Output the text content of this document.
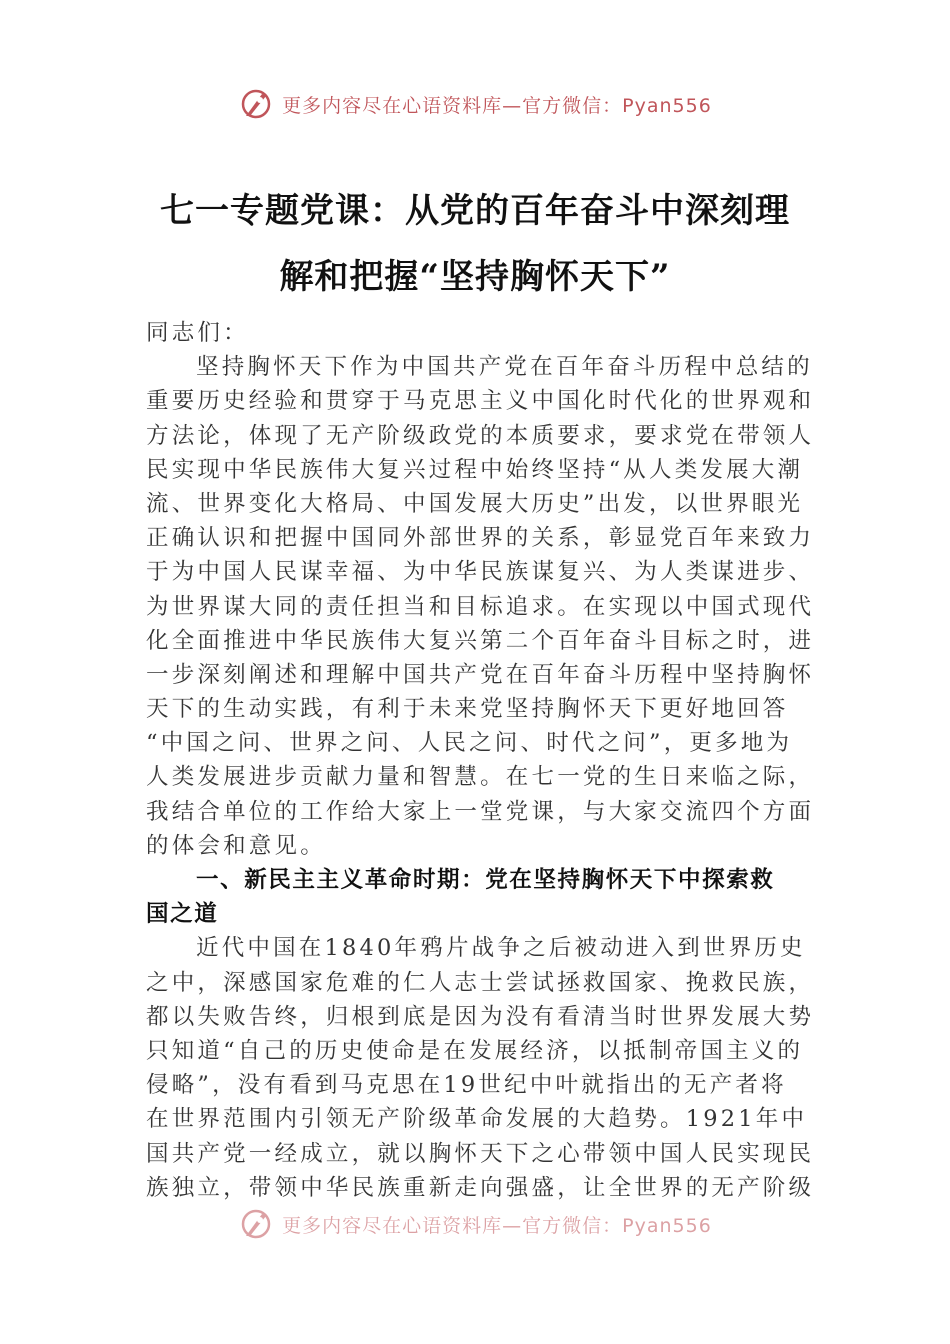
更多内容尽在心语资料库—官方微信：Pyan556
七一专题党课：从党的百年奋斗中深刻理
解和把握“坚持胸怀天下”
同志们：
坚持胸怀天下作为中国共产党在百年奋斗历程中总结的
重要历史经验和贯穿于马克思主义中国化时代化的世界观和
方法论，体现了无产阶级政党的本质要求，要求党在带领人
民实现中华民族伟大复兴过程中始终坚持“从人类发展大潮
流、世界变化大格局、中国发展大历史”出发，以世界眼光
正确认识和把握中国同外部世界的关系，彰显党百年来致力
于为中国人民谋幸福、为中华民族谋复兴、为人类谋进步、
为世界谋大同的责任担当和目标追求。在实现以中国式现代
化全面推进中华民族伟大复兴第二个百年奋斗目标之时，进
一步深刻阐述和理解中国共产党在百年奋斗历程中坚持胸怀
天下的生动实践，有利于未来党坚持胸怀天下更好地回答
“中国之问、世界之问、人民之问、时代之问”，更多地为
人类发展进步贡献力量和智慧。在七一党的生日来临之际，
我结合单位的工作给大家上一堂党课，与大家交流四个方面
的体会和意见。
一、新民主主义革命时期：党在坚持胸怀天下中探索救
国之道
近代中国在1840年鸦片战争之后被动进入到世界历史
之中，深感国家危难的仁人志士尝试拯救国家、挽救民族，
都以失败告终，归根到底是因为没有看清当时世界发展大势
只知道“自己的历史使命是在发展经济，以抵制帝国主义的
侵略”，没有看到马克思在19世纪中叶就指出的无产者将
在世界范围内引领无产阶级革命发展的大趋势。1921年中
国共产党一经成立，就以胸怀天下之心带领中国人民实现民
族独立，带领中华民族重新走向强盛，让全世界的无产阶级
更多内容尽在心语资料库—官方微信：Pyan556
